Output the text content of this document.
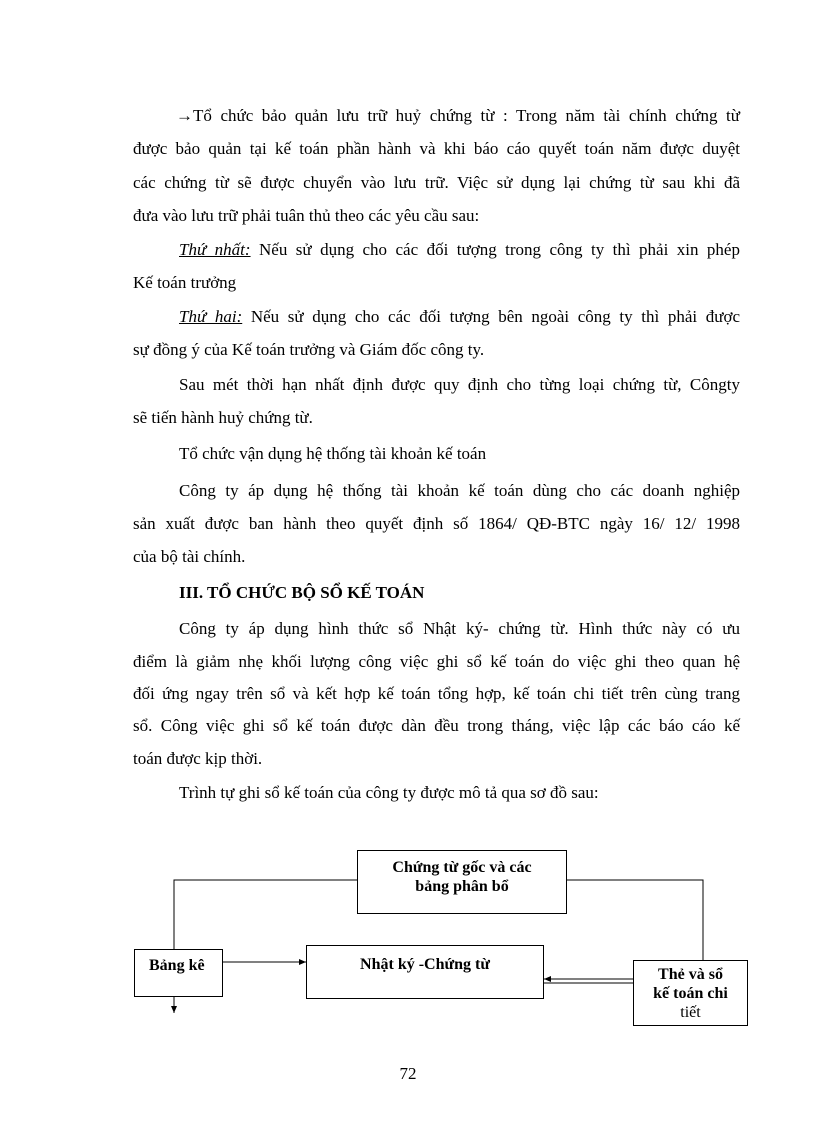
→Tổ chức bảo quản lưu trữ huỷ chứng từ : Trong năm tài chính chứng từ
được bảo quản tại kế toán phần hành và khi báo cáo quyết toán năm được duyệt
các chứng từ sẽ được chuyển vào lưu trữ. Việc sử dụng lại chứng từ sau khi đã
đưa vào lưu trữ phải tuân thủ theo các yêu cầu sau:
Thứ nhất: Nếu sử dụng cho các đối tượng trong công ty thì phải xin phép
Kế toán trưởng
Thứ hai: Nếu sử dụng cho các đối tượng bên ngoài công ty thì phải được
sự đồng ý của Kế toán trưởng và Giám đốc công ty.
Sau mét thời hạn nhất định được quy định cho từng loại chứng từ, Côngty
sẽ tiến hành huỷ chứng từ.
Tổ chức vận dụng hệ thống tài khoản kế toán
Công ty áp dụng hệ thống tài khoản kế toán dùng cho các doanh nghiệp
sản xuất được ban hành theo quyết định số 1864/ QĐ-BTC ngày 16/ 12/ 1998
của bộ tài chính.
III. TỔ CHỨC BỘ SỔ KẾ TOÁN
Công ty áp dụng hình thức sổ Nhật ký- chứng từ. Hình thức này có ưu
điểm là giảm nhẹ khối lượng công việc ghi sổ kế toán do việc ghi theo quan hệ
đối ứng ngay trên sổ và kết hợp kế toán tổng hợp, kế toán chi tiết trên cùng trang
sổ. Công việc ghi sổ kế toán được dàn đều trong tháng, việc lập các báo cáo kế
toán được kịp thời.
Trình tự ghi sổ kế toán của công ty được mô tả qua sơ đồ sau:
Chứng từ gốc và các
bảng phân bổ
Bảng kê	Nhật ký -Chứng từ
Thẻ và sổ
kế toán chi
tiết
72
